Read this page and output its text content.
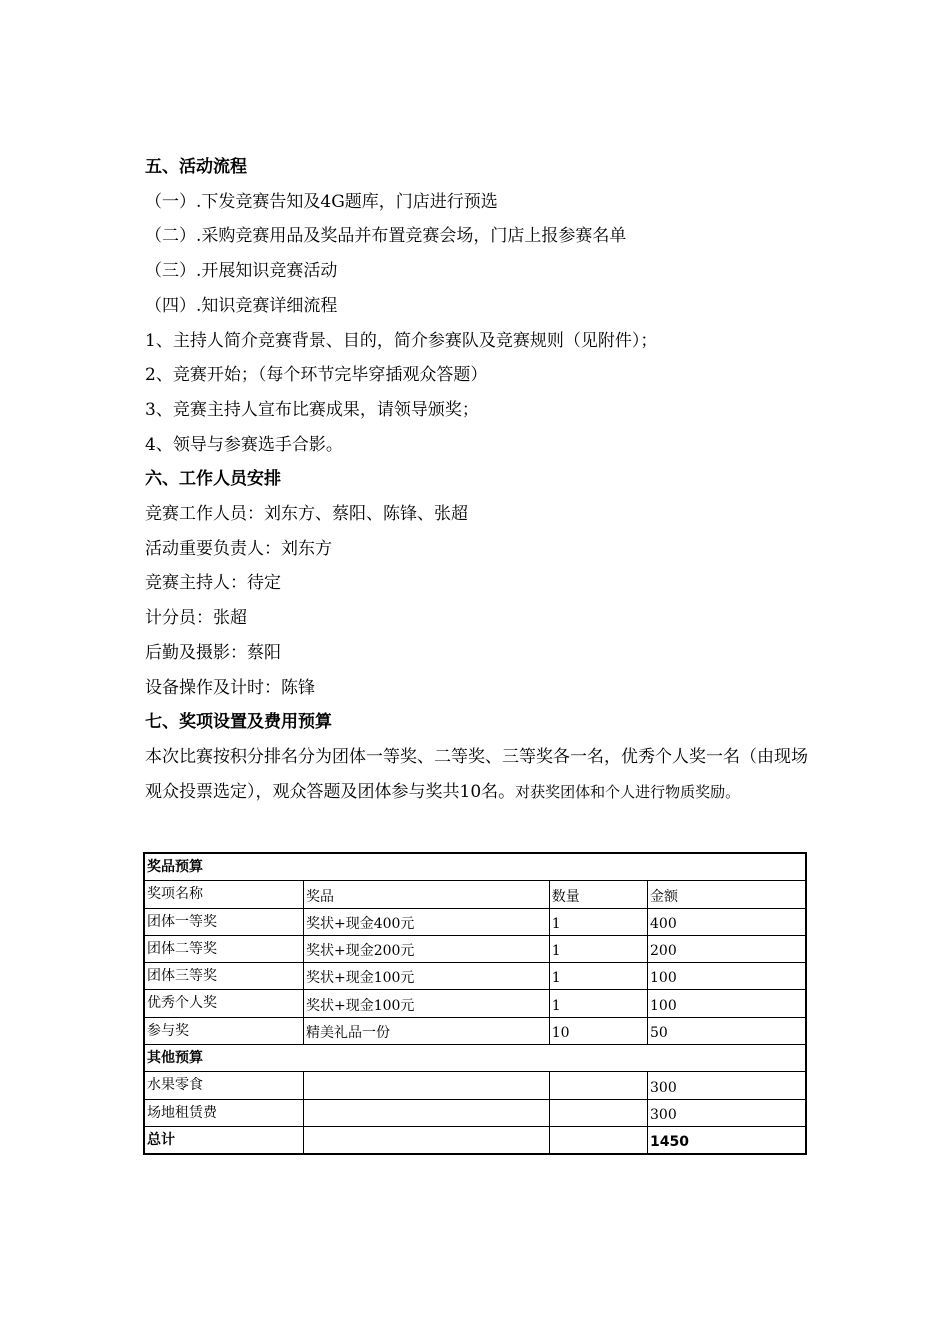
五、活动流程
（一）.下发竞赛告知及4G题库，门店进行预选
（二）.采购竞赛用品及奖品并布置竞赛会场，门店上报参赛名单
（三）.开展知识竞赛活动
（四）.知识竞赛详细流程
1、主持人简介竞赛背景、目的，简介参赛队及竞赛规则（见附件）；
2、竞赛开始；（每个环节完毕穿插观众答题）
3、竞赛主持人宣布比赛成果，请领导颁奖；
4、领导与参赛选手合影。
六、工作人员安排
竞赛工作人员：刘东方、蔡阳、陈锋、张超
活动重要负责人：刘东方
竞赛主持人：待定
计分员：张超
后勤及摄影：蔡阳
设备操作及计时：陈锋
七、奖项设置及费用预算
本次比赛按积分排名分为团体一等奖、二等奖、三等奖各一名，优秀个人奖一名（由现场观众投票选定），观众答题及团体参与奖共10名。对获奖团体和个人进行物质奖励。
奖品预算			
奖项名称	奖品	数量	金额
团体一等奖	奖状+现金400元	1	400
团体二等奖	奖状+现金200元	1	200
团体三等奖	奖状+现金100元	1	100
优秀个人奖	奖状+现金100元	1	100
参与奖	精美礼品一份	10	50
其他预算			
水果零食			300
场地租赁费			300
总计			1450
